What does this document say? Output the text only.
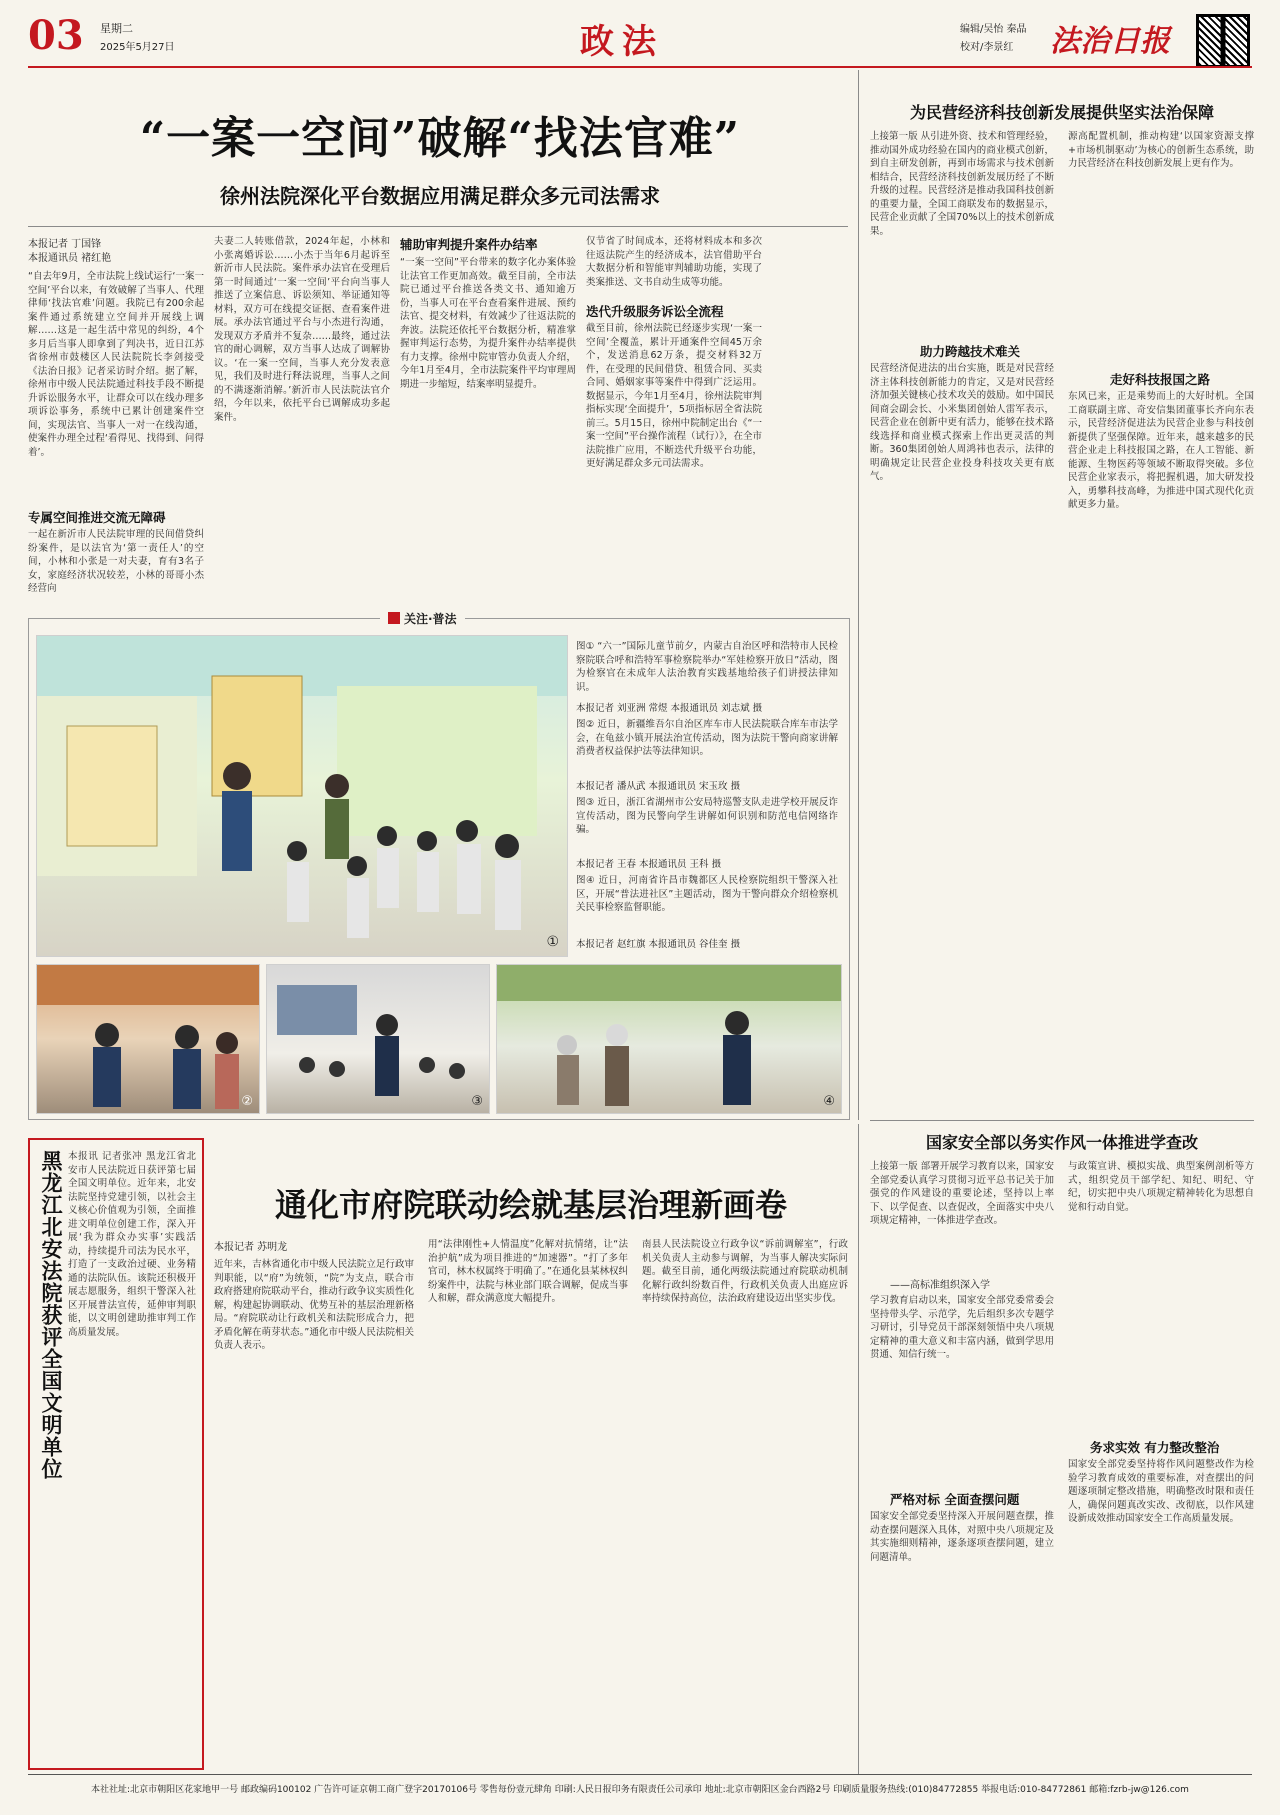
03 星期二
2025年5月27日	政法	编辑/吴怡 秦晶
校对/李景红 法治日报
“一案一空间”破解“找法官难”
徐州法院深化平台数据应用满足群众多元司法需求
本报记者 丁国锋
本报通讯员 褚红艳
“自去年9月，全市法院上线试运行‘一案一空间’平台以来，有效破解了当事人、代理律师‘找法官难’问题。我院已有200余起案件通过系统建立空间并开展线上调解……这是一起生活中常见的纠纷，4个多月后当事人即拿到了判决书，近日江苏省徐州市鼓楼区人民法院院长李剑接受《法治日报》记者采访时介绍。据了解，徐州市中级人民法院通过科技手段不断提升诉讼服务水平，让群众可以在线办理多项诉讼事务，系统中已累计创建案件空间，实现法官、当事人一对一在线沟通，使案件办理全过程‘看得见、找得到、问得着’。
专属空间推进交流无障碍
一起在新沂市人民法院审理的民间借贷纠纷案件，是以法官为‘第一责任人’的空间，小林和小张是一对夫妻，育有3名子女，家庭经济状况较差，小林的哥哥小杰经营向
夫妻二人转账借款，2024年起，小林和小张离婚诉讼……小杰于当年6月起诉至新沂市人民法院。案件承办法官在受理后第一时间通过‘一案一空间’平台向当事人推送了立案信息、诉讼须知、举证通知等材料，双方可在线提交证据、查看案件进展。承办法官通过平台与小杰进行沟通，发现双方矛盾并不复杂……最终，通过法官的耐心调解，双方当事人达成了调解协议。‘在一案一空间，当事人充分发表意见，我们及时进行释法说理，当事人之间的不满逐渐消解。’新沂市人民法院法官介绍，今年以来，依托平台已调解成功多起案件。
辅助审判提升案件办结率
“一案一空间”平台带来的数字化办案体验让法官工作更加高效。截至目前，全市法院已通过平台推送各类文书、通知逾万份，当事人可在平台查看案件进展、预约法官、提交材料，有效减少了往返法院的奔波。法院还依托平台数据分析，精准掌握审判运行态势，为提升案件办结率提供有力支撑。徐州中院审管办负责人介绍，今年1月至4月，全市法院案件平均审理周期进一步缩短，结案率明显提升。
仅节省了时间成本，还将材料成本和多次往返法院产生的经济成本，法官借助平台大数据分析和智能审判辅助功能，实现了类案推送、文书自动生成等功能。
迭代升级服务诉讼全流程
截至目前，徐州法院已经逐步实现‘一案一空间’全覆盖，累计开通案件空间45万余个，发送消息62万条，提交材料32万件，在受理的民间借贷、租赁合同、买卖合同、婚姻家事等案件中得到广泛运用。数据显示，今年1月至4月，徐州法院审判指标实现‘全面提升’，5项指标居全省法院前三。5月15日，徐州中院制定出台《“一案一空间”平台操作流程（试行）》，在全市法院推广应用，不断迭代升级平台功能，更好满足群众多元司法需求。
为民营经济科技创新发展提供坚实法治保障
上接第一版 从引进外资、技术和管理经验，推动国外成功经验在国内的商业模式创新，到自主研发创新，再到市场需求与技术创新相结合，民营经济科技创新发展历经了不断升级的过程。民营经济是推动我国科技创新的重要力量，全国工商联发布的数据显示，民营企业贡献了全国70%以上的技术创新成果。
助力跨越技术难关
民营经济促进法的出台实施，既是对民营经济主体科技创新能力的肯定，又是对民营经济加强关键核心技术攻关的鼓励。如中国民间商会副会长、小米集团创始人雷军表示，民营企业在创新中更有活力，能够在技术路线选择和商业模式探索上作出更灵活的判断。360集团创始人周鸿祎也表示，法律的明确规定让民营企业投身科技攻关更有底气。
源高配置机制，推动构建‘以国家资源支撑+市场机制驱动’为核心的创新生态系统，助力民营经济在科技创新发展上更有作为。
走好科技报国之路
东风已来，正是乘势而上的大好时机。全国工商联副主席、奇安信集团董事长齐向东表示，民营经济促进法为民营企业参与科技创新提供了坚强保障。近年来，越来越多的民营企业走上科技报国之路，在人工智能、新能源、生物医药等领域不断取得突破。多位民营企业家表示，将把握机遇，加大研发投入，勇攀科技高峰，为推进中国式现代化贡献更多力量。
关注·普法
①
图① “六一”国际儿童节前夕，内蒙古自治区呼和浩特市人民检察院联合呼和浩特军事检察院举办“军娃检察开放日”活动，图为检察官在未成年人法治教育实践基地给孩子们讲授法律知识。
本报记者 刘亚洲 常煜 本报通讯员 刘志斌 摄
图② 近日，新疆维吾尔自治区库车市人民法院联合库车市法学会，在龟兹小镇开展法治宣传活动，图为法院干警向商家讲解消费者权益保护法等法律知识。
本报记者 潘从武 本报通讯员 宋玉玫 摄
图③ 近日，浙江省湖州市公安局特巡警支队走进学校开展反诈宣传活动，图为民警向学生讲解如何识别和防范电信网络诈骗。
本报记者 王春 本报通讯员 王科 摄
图④ 近日，河南省许昌市魏都区人民检察院组织干警深入社区，开展“普法进社区”主题活动，图为干警向群众介绍检察机关民事检察监督职能。
本报记者 赵红旗 本报通讯员 谷佳奎 摄
②	③	④
国家安全部以务实作风一体推进学查改
上接第一版 部署开展学习教育以来，国家安全部党委认真学习贯彻习近平总书记关于加强党的作风建设的重要论述，坚持以上率下、以学促查、以查促改，全面落实中央八项规定精神，一体推进学查改。
——高标准组织深入学
学习教育启动以来，国家安全部党委常委会坚持带头学、示范学，先后组织多次专题学习研讨，引导党员干部深刻领悟中央八项规定精神的重大意义和丰富内涵，做到学思用贯通、知信行统一。
严格对标 全面查摆问题
国家安全部党委坚持深入开展问题查摆，推动查摆问题深入具体，对照中央八项规定及其实施细则精神，逐条逐项查摆问题，建立问题清单。
与政策宣讲、模拟实战、典型案例剖析等方式，组织党员干部学纪、知纪、明纪、守纪，切实把中央八项规定精神转化为思想自觉和行动自觉。
务求实效 有力整改整治
国家安全部党委坚持将作风问题整改作为检验学习教育成效的重要标准，对查摆出的问题逐项制定整改措施，明确整改时限和责任人，确保问题真改实改、改彻底，以作风建设新成效推动国家安全工作高质量发展。
黑龙江北安法院获评全国文明单位 本报讯 记者张冲 黑龙江省北安市人民法院近日获评第七届全国文明单位。近年来，北安法院坚持党建引领，以社会主义核心价值观为引领，全面推进文明单位创建工作，深入开展‘我为群众办实事’实践活动，持续提升司法为民水平，打造了一支政治过硬、业务精通的法院队伍。该院还积极开展志愿服务，组织干警深入社区开展普法宣传，延伸审判职能，以文明创建助推审判工作高质量发展。
通化市府院联动绘就基层治理新画卷
本报记者 苏明龙
近年来，吉林省通化市中级人民法院立足行政审判职能，以“府”为统领，“院”为支点，联合市政府搭建府院联动平台，推动行政争议实质性化解，构建起协调联动、优势互补的基层治理新格局。“府院联动让行政机关和法院形成合力，把矛盾化解在萌芽状态。”通化市中级人民法院相关负责人表示。
用“法律刚性+人情温度”化解对抗情绪，让“法治护航”成为项目推进的“加速器”。“打了多年官司，林木权属终于明确了。”在通化县某林权纠纷案件中，法院与林业部门联合调解，促成当事人和解，群众满意度大幅提升。
南县人民法院设立行政争议“诉前调解室”，行政机关负责人主动参与调解，为当事人解决实际问题。截至目前，通化两级法院通过府院联动机制化解行政纠纷数百件，行政机关负责人出庭应诉率持续保持高位，法治政府建设迈出坚实步伐。
本社社址:北京市朝阳区花家地甲一号 邮政编码100102 广告许可证京朝工商广登字20170106号 零售每份壹元肆角 印刷:人民日报印务有限责任公司承印 地址:北京市朝阳区金台西路2号 印刷质量服务热线:(010)84772855 举报电话:010-84772861 邮箱:fzrb-jw@126.com
